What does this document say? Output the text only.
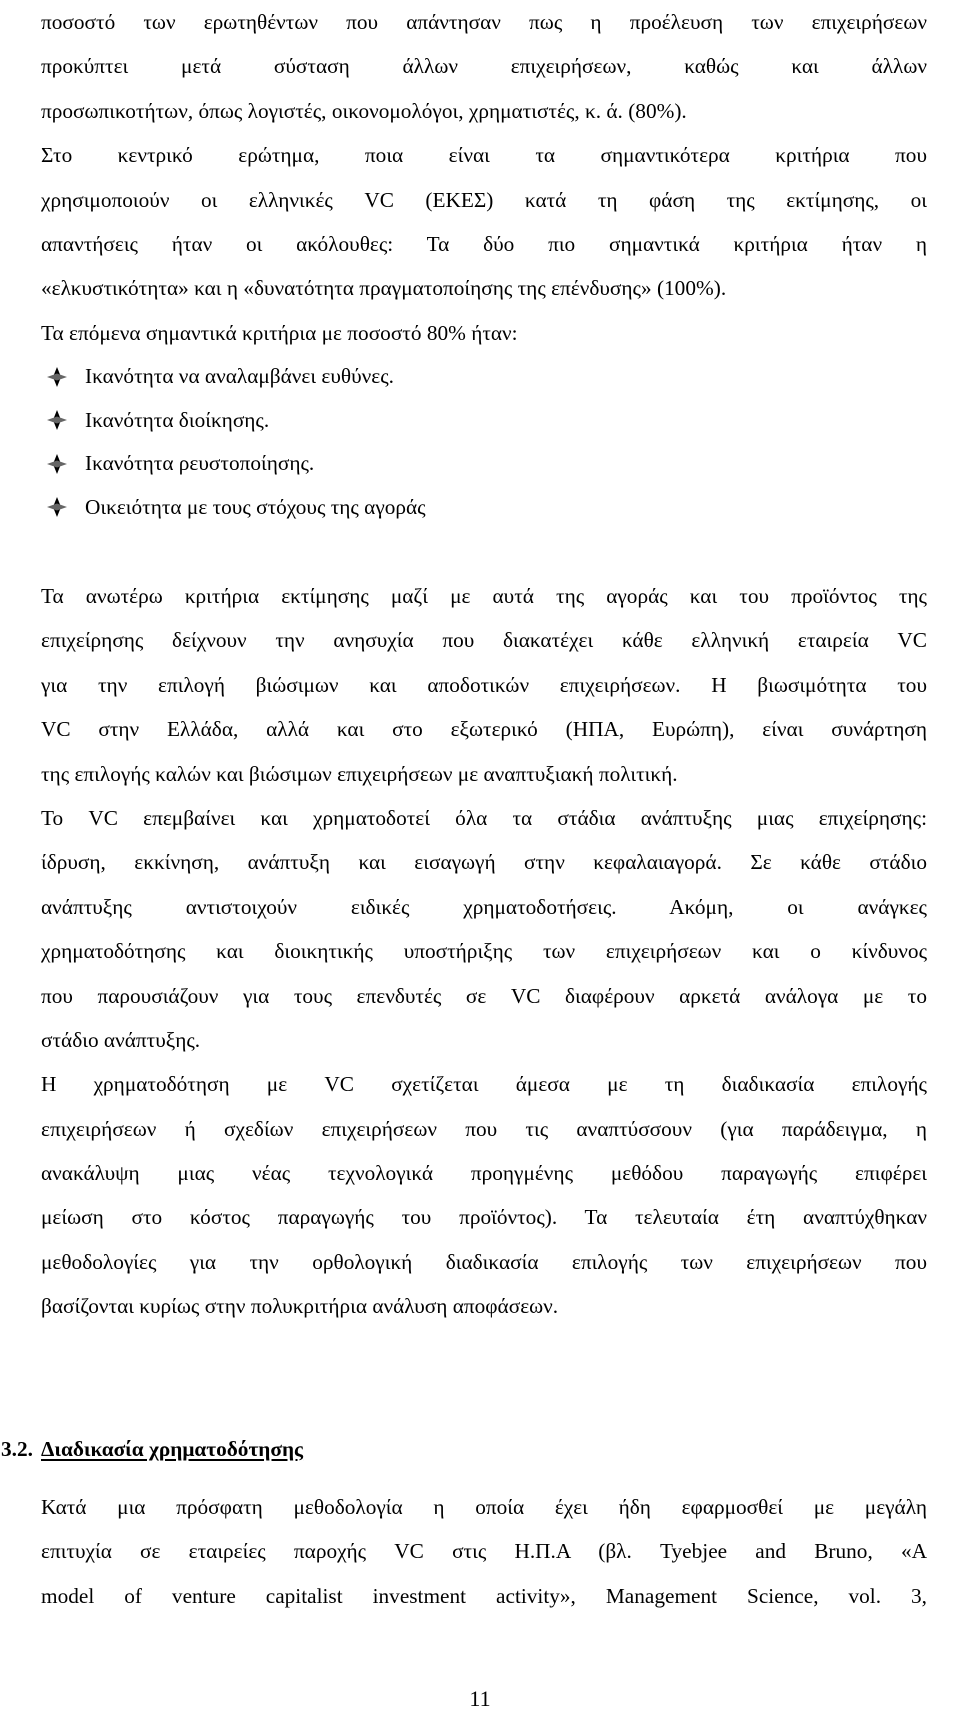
ποσοστό των ερωτηθέντων που απάντησαν πως η προέλευση των επιχειρήσεων
προκύπτει μετά σύσταση άλλων επιχειρήσεων, καθώς και άλλων
προσωπικοτήτων, όπως λογιστές, οικονομολόγοι, χρηματιστές, κ. ά. (80%).
Στο κεντρικό ερώτημα, ποια είναι τα σημαντικότερα κριτήρια που
χρησιμοποιούν οι ελληνικές VC (ΕΚΕΣ) κατά τη φάση της εκτίμησης, οι
απαντήσεις ήταν οι ακόλουθες: Τα δύο πιο σημαντικά κριτήρια ήταν η
«ελκυστικότητα» και η «δυνατότητα πραγματοποίησης της επένδυσης» (100%).
Τα επόμενα σημαντικά κριτήρια με ποσοστό 80% ήταν:
Ικανότητα να αναλαμβάνει ευθύνες.
Ικανότητα διοίκησης.
Ικανότητα ρευστοποίησης.
Οικειότητα με τους στόχους της αγοράς
Τα ανωτέρω κριτήρια εκτίμησης μαζί με αυτά της αγοράς και του προϊόντος της
επιχείρησης δείχνουν την ανησυχία που διακατέχει κάθε ελληνική εταιρεία VC
για την επιλογή βιώσιμων και αποδοτικών επιχειρήσεων. Η βιωσιμότητα του
VC στην Ελλάδα, αλλά και στο εξωτερικό (ΗΠΑ, Ευρώπη), είναι συνάρτηση
της επιλογής καλών και βιώσιμων επιχειρήσεων με αναπτυξιακή πολιτική.
Το VC επεμβαίνει και χρηματοδοτεί όλα τα στάδια ανάπτυξης μιας επιχείρησης:
ίδρυση, εκκίνηση, ανάπτυξη και εισαγωγή στην κεφαλαιαγορά. Σε κάθε στάδιο
ανάπτυξης αντιστοιχούν ειδικές χρηματοδοτήσεις. Ακόμη, οι ανάγκες
χρηματοδότησης και διοικητικής υποστήριξης των επιχειρήσεων και ο κίνδυνος
που παρουσιάζουν για τους επενδυτές σε VC διαφέρουν αρκετά ανάλογα με το
στάδιο ανάπτυξης.
Η χρηματοδότηση με VC σχετίζεται άμεσα με τη διαδικασία επιλογής
επιχειρήσεων ή σχεδίων επιχειρήσεων που τις αναπτύσσουν (για παράδειγμα, η
ανακάλυψη μιας νέας τεχνολογικά προηγμένης μεθόδου παραγωγής επιφέρει
μείωση στο κόστος παραγωγής του προϊόντος). Τα τελευταία έτη αναπτύχθηκαν
μεθοδολογίες για την ορθολογική διαδικασία επιλογής των επιχειρήσεων που
βασίζονται κυρίως στην πολυκριτήρια ανάλυση αποφάσεων.
3.2. Διαδικασία χρηματοδότησης
Κατά μια πρόσφατη μεθοδολογία η οποία έχει ήδη εφαρμοσθεί με μεγάλη
επιτυχία σε εταιρείες παροχής VC στις Η.Π.Α (βλ. Tyebjee and Bruno, «A
model of venture capitalist investment activity», Management Science, vol. 3,
11
